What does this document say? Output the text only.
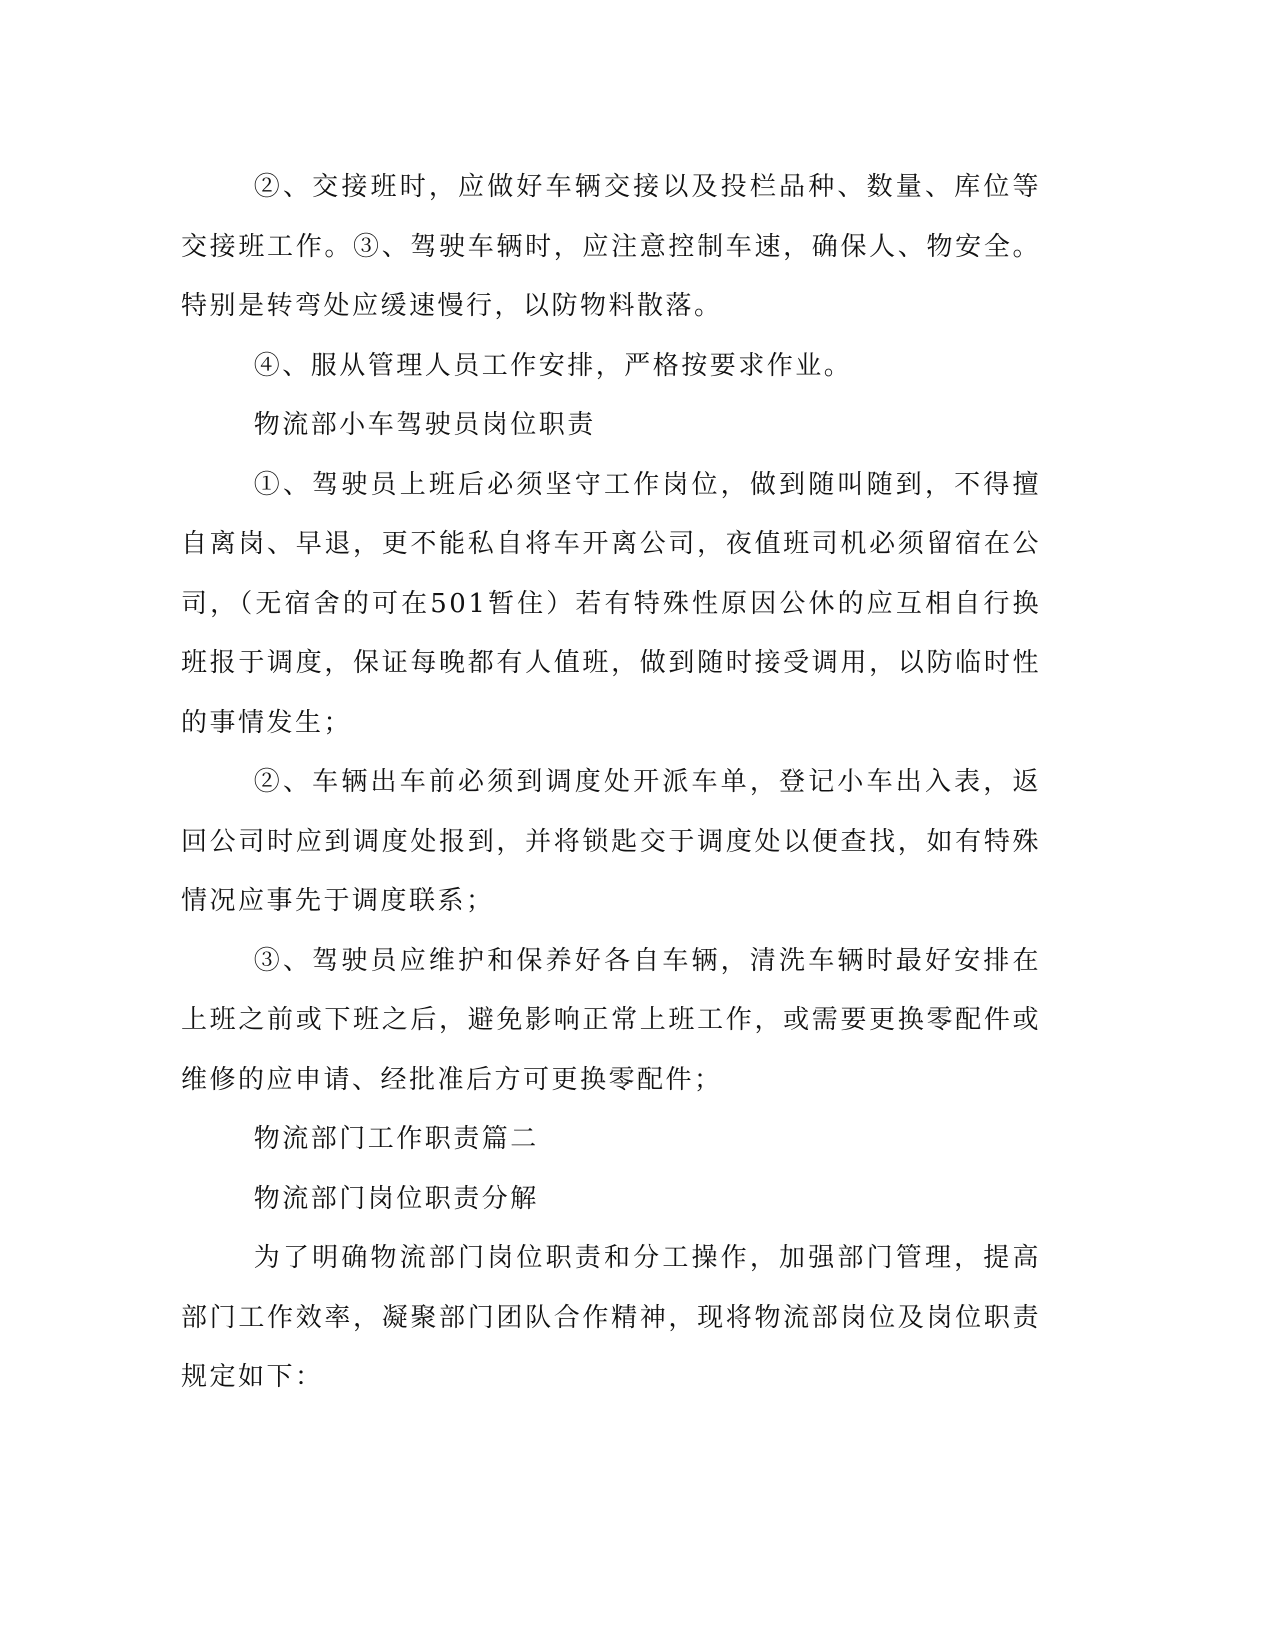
②、交接班时，应做好车辆交接以及投栏品种、数量、库位等交接班工作。③、驾驶车辆时，应注意控制车速，确保人、物安全。特别是转弯处应缓速慢行，以防物料散落。

④、服从管理人员工作安排，严格按要求作业。

物流部小车驾驶员岗位职责

①、驾驶员上班后必须坚守工作岗位，做到随叫随到，不得擅自离岗、早退，更不能私自将车开离公司，夜值班司机必须留宿在公司，（无宿舍的可在501暂住）若有特殊性原因公休的应互相自行换班报于调度，保证每晚都有人值班，做到随时接受调用，以防临时性的事情发生；

②、车辆出车前必须到调度处开派车单，登记小车出入表，返回公司时应到调度处报到，并将锁匙交于调度处以便查找，如有特殊情况应事先于调度联系；

③、驾驶员应维护和保养好各自车辆，清洗车辆时最好安排在上班之前或下班之后，避免影响正常上班工作，或需要更换零配件或维修的应申请、经批准后方可更换零配件；

物流部门工作职责篇二

物流部门岗位职责分解

为了明确物流部门岗位职责和分工操作，加强部门管理，提高部门工作效率，凝聚部门团队合作精神，现将物流部岗位及岗位职责规定如下：
